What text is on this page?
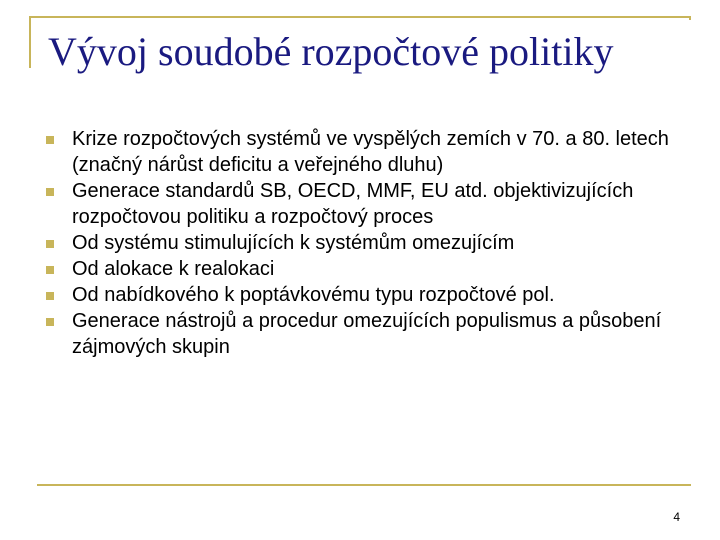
Vývoj soudobé rozpočtové politiky
Krize rozpočtových systémů ve vyspělých zemích v 70. a 80. letech (značný nárůst deficitu a veřejného dluhu)
Generace standardů SB, OECD, MMF, EU atd. objektivizujících rozpočtovou politiku a rozpočtový proces
Od systému stimulujících k systémům omezujícím
Od alokace k realokaci
Od nabídkového k poptávkovému typu rozpočtové pol.
Generace nástrojů a procedur omezujících populismus a působení zájmových skupin
4
